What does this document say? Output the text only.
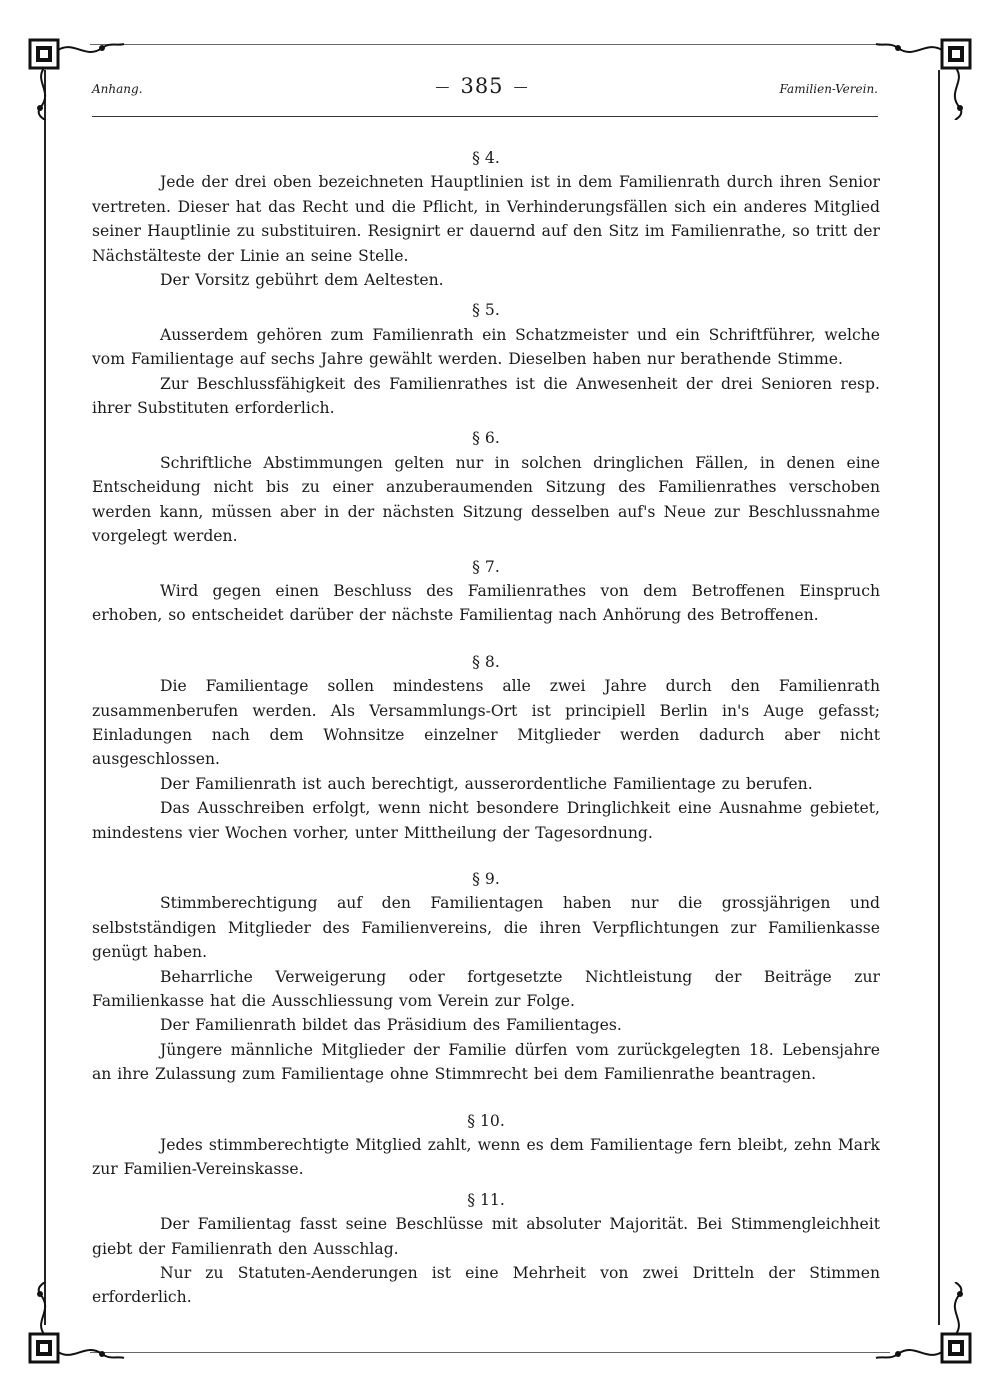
Anhang.	—  385  —	Familien-Verein.
§ 4.

Jede der drei oben bezeichneten Hauptlinien ist in dem Familienrath durch ihren Senior vertreten. Dieser hat das Recht und die Pflicht, in Verhinderungsfällen sich ein anderes Mitglied seiner Hauptlinie zu substituiren. Resignirt er dauernd auf den Sitz im Familienrathe, so tritt der Nächstälteste der Linie an seine Stelle.

Der Vorsitz gebührt dem Aeltesten.

§ 5.

Ausserdem gehören zum Familienrath ein Schatzmeister und ein Schriftführer, welche vom Familientage auf sechs Jahre gewählt werden. Dieselben haben nur berathende Stimme.

Zur Beschlussfähigkeit des Familienrathes ist die Anwesenheit der drei Senioren resp. ihrer Substituten erforderlich.

§ 6.

Schriftliche Abstimmungen gelten nur in solchen dringlichen Fällen, in denen eine Entscheidung nicht bis zu einer anzuberaumenden Sitzung des Familienrathes verschoben werden kann, müssen aber in der nächsten Sitzung desselben auf's Neue zur Beschlussnahme vorgelegt werden.

§ 7.

Wird gegen einen Beschluss des Familienrathes von dem Betroffenen Einspruch erhoben, so entscheidet darüber der nächste Familientag nach Anhörung des Betroffenen.

§ 8.

Die Familientage sollen mindestens alle zwei Jahre durch den Familienrath zusammenberufen werden. Als Versammlungs-Ort ist principiell Berlin in's Auge gefasst; Einladungen nach dem Wohnsitze einzelner Mitglieder werden dadurch aber nicht ausgeschlossen.

Der Familienrath ist auch berechtigt, ausserordentliche Familientage zu berufen.

Das Ausschreiben erfolgt, wenn nicht besondere Dringlichkeit eine Ausnahme gebietet, mindestens vier Wochen vorher, unter Mittheilung der Tagesordnung.

§ 9.

Stimmberechtigung auf den Familientagen haben nur die grossjährigen und selbstständigen Mitglieder des Familienvereins, die ihren Verpflichtungen zur Familienkasse genügt haben.

Beharrliche Verweigerung oder fortgesetzte Nichtleistung der Beiträge zur Familienkasse hat die Ausschliessung vom Verein zur Folge.

Der Familienrath bildet das Präsidium des Familientages.

Jüngere männliche Mitglieder der Familie dürfen vom zurückgelegten 18. Lebensjahre an ihre Zulassung zum Familientage ohne Stimmrecht bei dem Familienrathe beantragen.

§ 10.

Jedes stimmberechtigte Mitglied zahlt, wenn es dem Familientage fern bleibt, zehn Mark zur Familien-Vereinskasse.

§ 11.

Der Familientag fasst seine Beschlüsse mit absoluter Majorität. Bei Stimmengleichheit giebt der Familienrath den Ausschlag.

Nur zu Statuten-Aenderungen ist eine Mehrheit von zwei Dritteln der Stimmen erforderlich.
